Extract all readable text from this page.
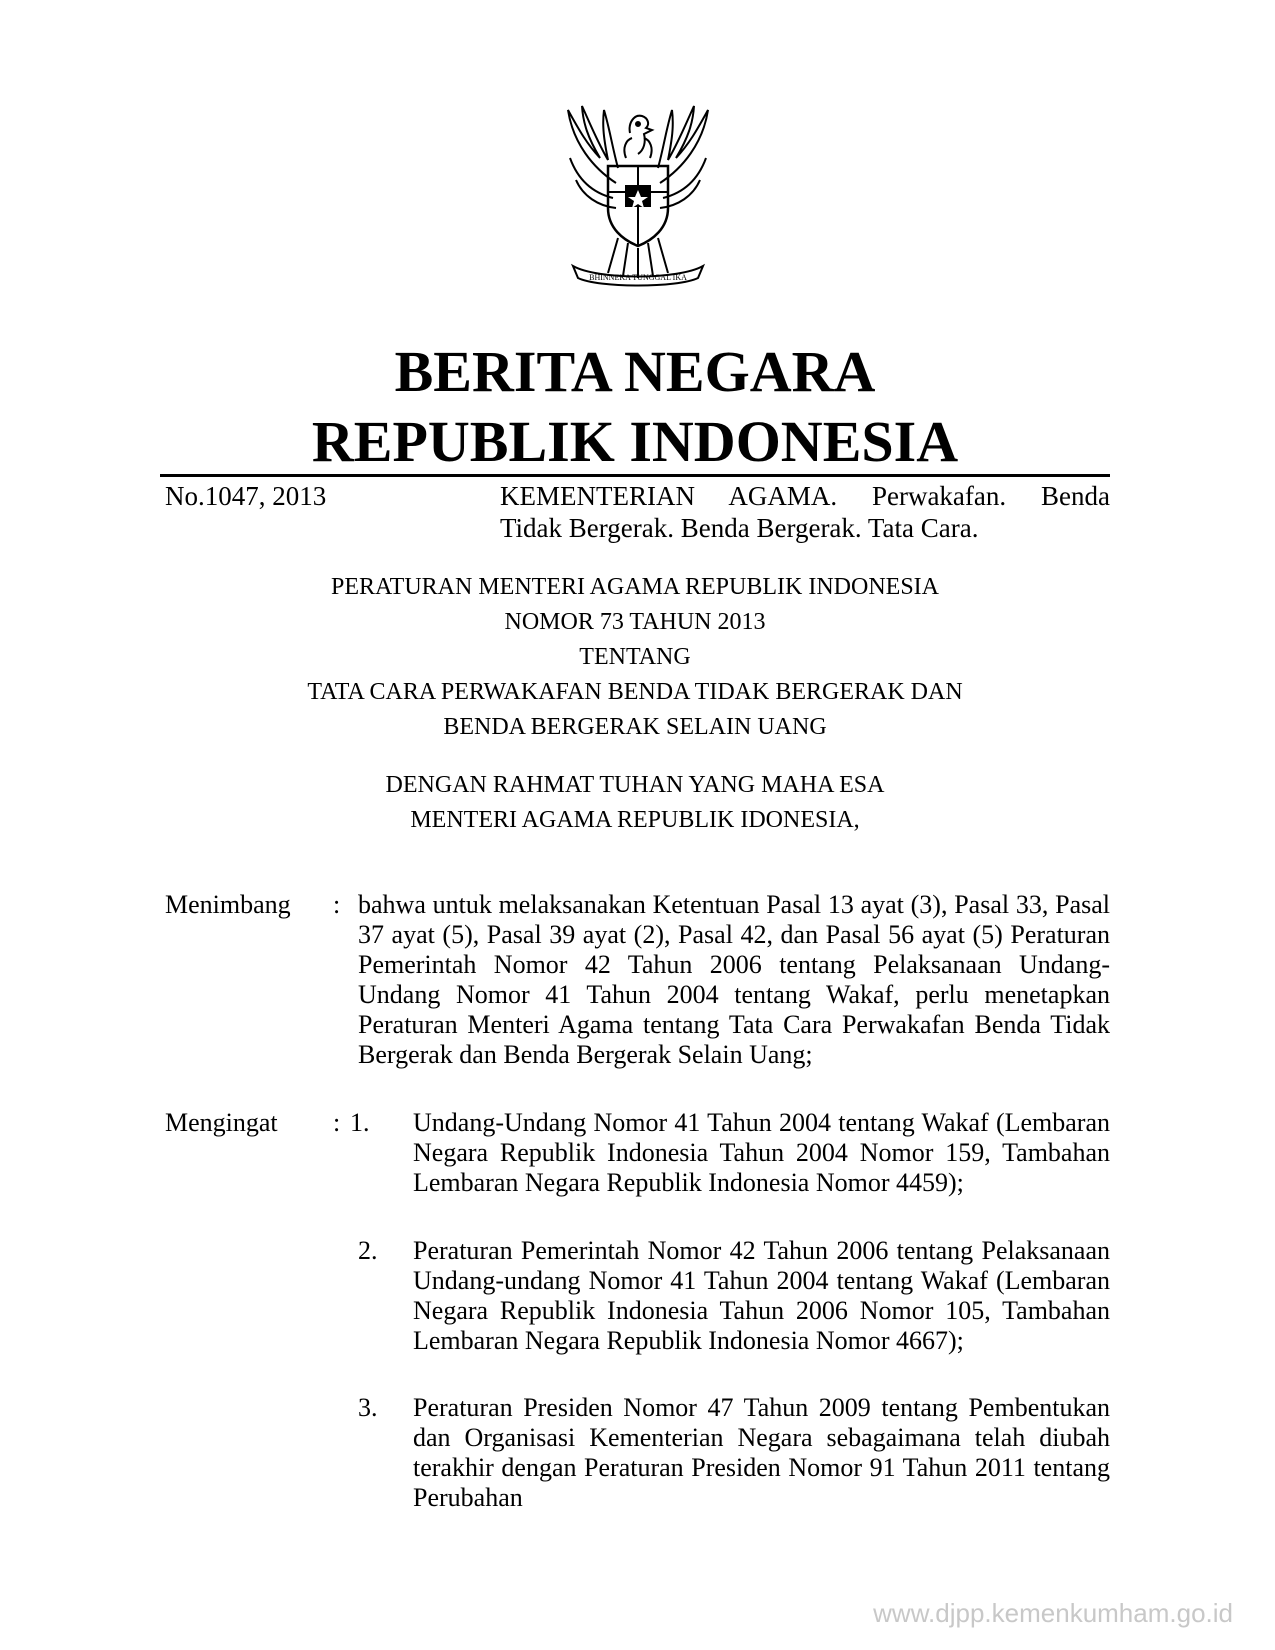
BHINNEKA TUNGGAL IKA
BERITA NEGARA
REPUBLIK INDONESIA
No.1047, 2013	KEMENTERIAN AGAMA. Perwakafan. Benda
Tidak Bergerak. Benda Bergerak. Tata Cara.
PERATURAN MENTERI AGAMA REPUBLIK INDONESIA
NOMOR 73 TAHUN 2013
TENTANG
TATA CARA PERWAKAFAN BENDA TIDAK BERGERAK DAN
BENDA BERGERAK SELAIN UANG
DENGAN RAHMAT TUHAN YANG MAHA ESA
MENTERI AGAMA REPUBLIK IDONESIA,
Menimbang : bahwa untuk melaksanakan Ketentuan Pasal 13 ayat (3), Pasal 33, Pasal 37 ayat (5), Pasal 39 ayat (2), Pasal 42, dan Pasal 56 ayat (5) Peraturan Pemerintah Nomor 42 Tahun 2006 tentang Pelaksanaan Undang-Undang Nomor 41 Tahun 2004 tentang Wakaf, perlu menetapkan Peraturan Menteri Agama tentang Tata Cara Perwakafan Benda Tidak Bergerak dan Benda Bergerak Selain Uang;
Mengingat : 1. Undang-Undang Nomor 41 Tahun 2004 tentang Wakaf (Lembaran Negara Republik Indonesia Tahun 2004 Nomor 159, Tambahan Lembaran Negara Republik Indonesia Nomor 4459);
2. Peraturan Pemerintah Nomor 42 Tahun 2006 tentang Pelaksanaan Undang-undang Nomor 41 Tahun 2004 tentang Wakaf (Lembaran Negara Republik Indonesia Tahun 2006 Nomor 105, Tambahan Lembaran Negara Republik Indonesia Nomor 4667);
3. Peraturan Presiden Nomor 47 Tahun 2009 tentang Pembentukan dan Organisasi Kementerian Negara sebagaimana telah diubah terakhir dengan Peraturan Presiden Nomor 91 Tahun 2011 tentang Perubahan
www.djpp.kemenkumham.go.id
